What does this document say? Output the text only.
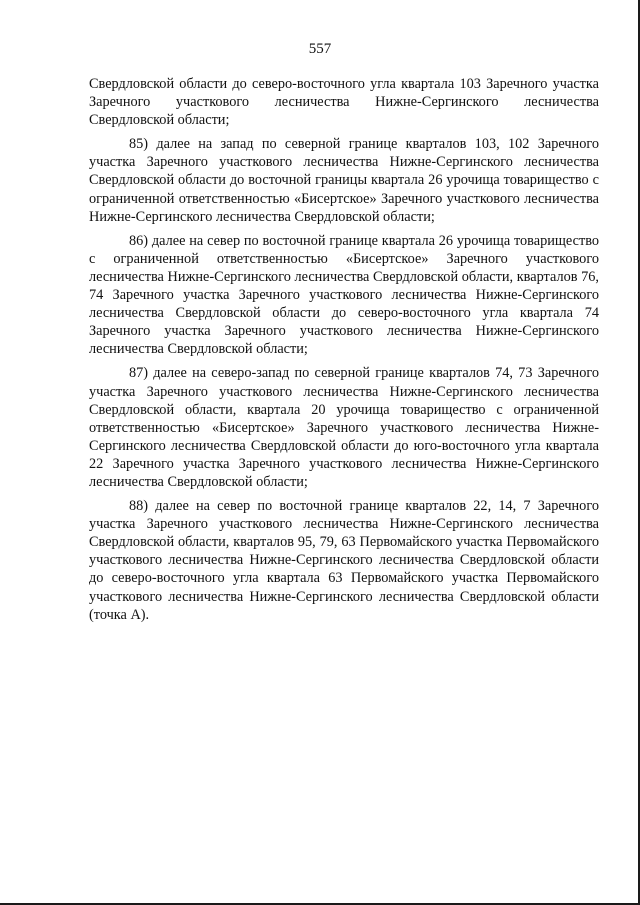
557

Свердловской области до северо-восточного угла квартала 103 Заречного участка Заречного участкового лесничества Нижне-Сергинского лесничества Свердловской области;

85) далее на запад по северной границе кварталов 103, 102 Заречного участка Заречного участкового лесничества Нижне-Сергинского лесничества Свердловской области до восточной границы квартала 26 урочища товарищество с ограниченной ответственностью «Бисертское» Заречного участкового лесничества Нижне-Сергинского лесничества Свердловской области;

86) далее на север по восточной границе квартала 26 урочища товарищество с ограниченной ответственностью «Бисертское» Заречного участкового лесничества Нижне-Сергинского лесничества Свердловской области, кварталов 76, 74 Заречного участка Заречного участкового лесничества Нижне-Сергинского лесничества Свердловской области до северо-восточного угла квартала 74 Заречного участка Заречного участкового лесничества Нижне-Сергинского лесничества Свердловской области;

87) далее на северо-запад по северной границе кварталов 74, 73 Заречного участка Заречного участкового лесничества Нижне-Сергинского лесничества Свердловской области, квартала 20 урочища товарищество с ограниченной ответственностью «Бисертское» Заречного участкового лесничества Нижне-Сергинского лесничества Свердловской области до юго-восточного угла квартала 22 Заречного участка Заречного участкового лесничества Нижне-Сергинского лесничества Свердловской области;

88) далее на север по восточной границе кварталов 22, 14, 7 Заречного участка Заречного участкового лесничества Нижне-Сергинского лесничества Свердловской области, кварталов 95, 79, 63 Первомайского участка Первомайского участкового лесничества Нижне-Сергинского лесничества Свердловской области до северо-восточного угла квартала 63 Первомайского участка Первомайского участкового лесничества Нижне-Сергинского лесничества Свердловской области (точка А).
